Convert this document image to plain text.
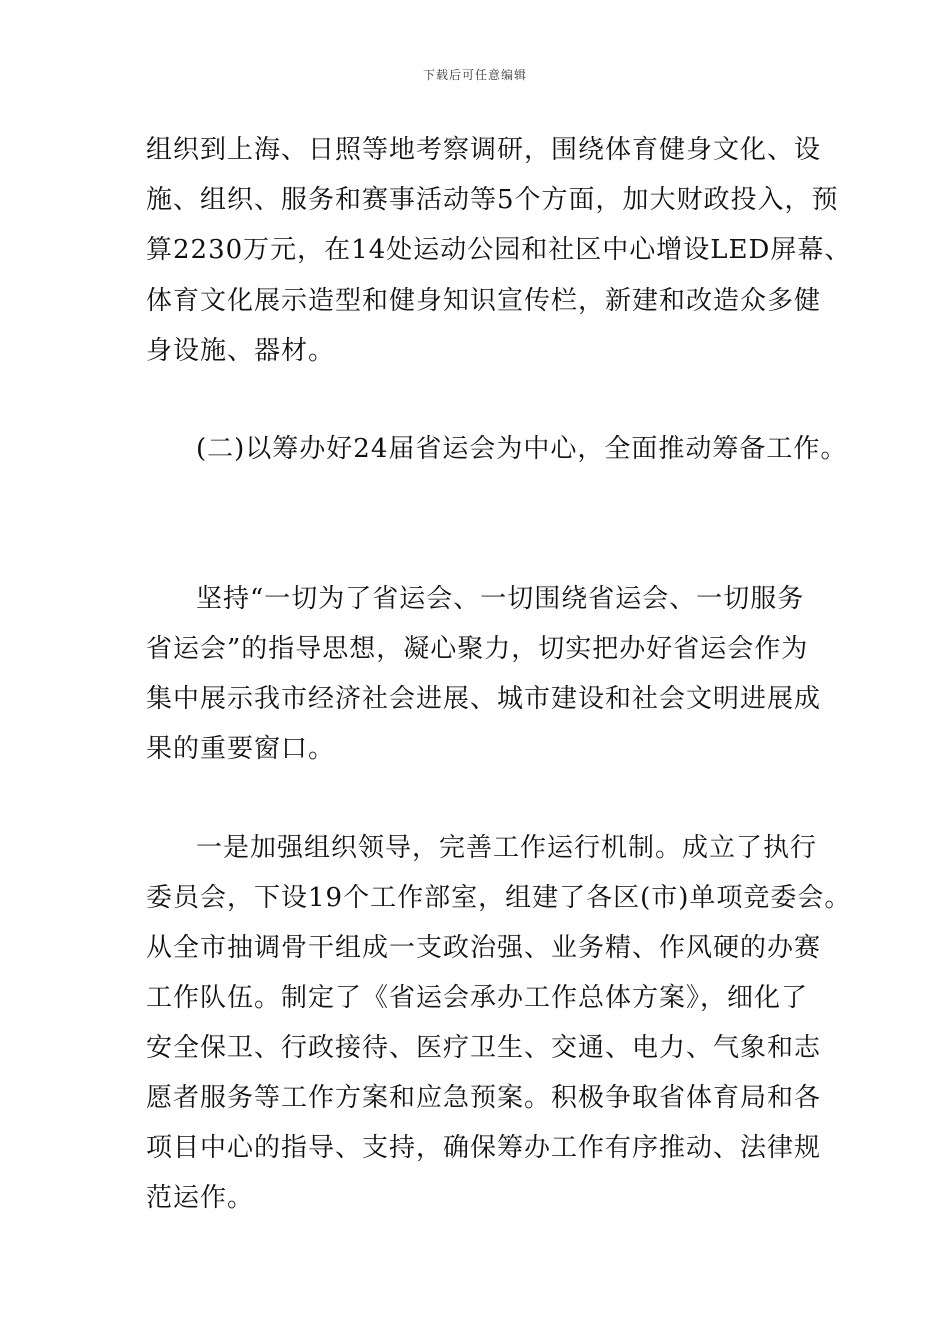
下载后可任意编辑
组织到上海、日照等地考察调研，围绕体育健身文化、设
施、组织、服务和赛事活动等5个方面，加大财政投入，预
算2230万元，在14处运动公园和社区中心增设LED屏幕、
体育文化展示造型和健身知识宣传栏，新建和改造众多健
身设施、器材。
(二)以筹办好24届省运会为中心，全面推动筹备工作。
坚持“一切为了省运会、一切围绕省运会、一切服务
省运会”的指导思想，凝心聚力，切实把办好省运会作为
集中展示我市经济社会进展、城市建设和社会文明进展成
果的重要窗口。
一是加强组织领导，完善工作运行机制。成立了执行
委员会，下设19个工作部室，组建了各区(市)单项竞委会。
从全市抽调骨干组成一支政治强、业务精、作风硬的办赛
工作队伍。制定了《省运会承办工作总体方案》，细化了
安全保卫、行政接待、医疗卫生、交通、电力、气象和志
愿者服务等工作方案和应急预案。积极争取省体育局和各
项目中心的指导、支持，确保筹办工作有序推动、法律规
范运作。
